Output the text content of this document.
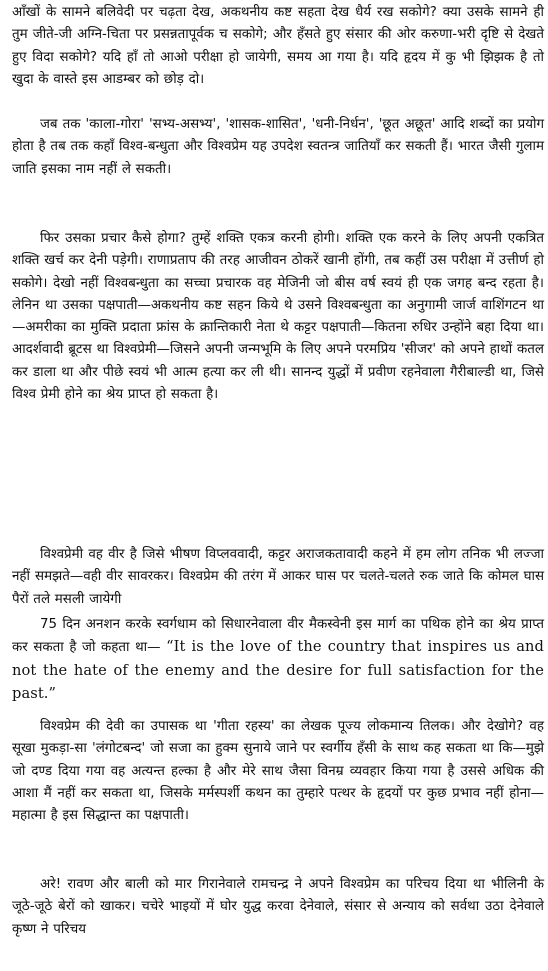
आँखों के सामने बलिवेदी पर चढ़ता देख, अकथनीय कष्ट सहता देख धैर्य रख सकोगे? क्या उसके सामने ही तुम जीते-जी अग्नि-चिता पर प्रसन्नतापूर्वक च सकोगे; और हँसते हुए संसार की ओर करुणा-भरी दृष्टि से देखते हुए विदा सकोगे? यदि हाँ तो आओ परीक्षा हो जायेगी, समय आ गया है। यदि हृदय में कु भी झिझक है तो खुदा के वास्ते इस आडम्बर को छोड़ दो।

जब तक 'काला-गोरा' 'सभ्य-असभ्य', 'शासक-शासित', 'धनी-निर्धन', 'छूत अछूत' आदि शब्दों का प्रयोग होता है तब तक कहाँ विश्व-बन्धुता और विश्वप्रेम यह उपदेश स्वतन्त्र जातियाँ कर सकती हैं। भारत जैसी गुलाम जाति इसका नाम नहीं ले सकती।

फिर उसका प्रचार कैसे होगा? तुम्हें शक्ति एकत्र करनी होगी। शक्ति एक करने के लिए अपनी एकत्रित शक्ति खर्च कर देनी पड़ेगी। राणाप्रताप की तरह आजीवन ठोकरें खानी होंगी, तब कहीं उस परीक्षा में उत्तीर्ण हो सकोगे। देखो नहीं विश्वबन्धुता का सच्चा प्रचारक वह मेजिनी जो बीस वर्ष स्वयं ही एक जगह बन्द रहता है। लेनिन था उसका पक्षपाती—अकथनीय कष्ट सहन किये थे उसने विश्वबन्धुता का अनुगामी जार्ज वाशिंगटन था—अमरीका का मुक्ति प्रदाता फ्रांस के क्रान्तिकारी नेता थे कट्टर पक्षपाती—कितना रुधिर उन्होंने बहा दिया था। आदर्शवादी ब्रूटस था विश्वप्रेमी—जिसने अपनी जन्मभूमि के लिए अपने परमप्रिय 'सीजर' को अपने हाथों कतल कर डाला था और पीछे स्वयं भी आत्म हत्या कर ली थी। सानन्द युद्धों में प्रवीण रहनेवाला गैरीबाल्डी था, जिसे विश्व प्रेमी होने का श्रेय प्राप्त हो सकता है।

विश्वप्रेमी वह वीर है जिसे भीषण विप्लववादी, कट्टर अराजकतावादी कहने में हम लोग तनिक भी लज्जा नहीं समझते—वही वीर सावरकर। विश्वप्रेम की तरंग में आकर घास पर चलते-चलते रुक जाते कि कोमल घास पैरों तले मसली जायेगी

75 दिन अनशन करके स्वर्गधाम को सिधारनेवाला वीर मैकस्वेनी इस मार्ग का पथिक होने का श्रेय प्राप्त कर सकता है जो कहता था— “It is the love of the country that inspires us and not the hate of the enemy and the desire for full satisfaction for the past.”

विश्वप्रेम की देवी का उपासक था 'गीता रहस्य' का लेखक पूज्य लोकमान्य तिलक। और देखोगे? वह सूखा मुकड़ा-सा 'लंगोटबन्द' जो सजा का हुक्म सुनाये जाने पर स्वर्गीय हँसी के साथ कह सकता था कि—मुझे जो दण्ड दिया गया वह अत्यन्त हल्का है और मेरे साथ जैसा विनम्र व्यवहार किया गया है उससे अधिक की आशा मैं नहीं कर सकता था, जिसके मर्मस्पर्शी कथन का तुम्हारे पत्थर के हृदयों पर कुछ प्रभाव नहीं होना—महात्मा है इस सिद्धान्त का पक्षपाती।

अरे! रावण और बाली को मार गिरानेवाले रामचन्द्र ने अपने विश्वप्रेम का परिचय दिया था भीलिनी के जूठे-जूठे बेरों को खाकर। चचेरे भाइयों में घोर युद्ध करवा देनेवाले, संसार से अन्याय को सर्वथा उठा देनेवाले कृष्ण ने परिचय
